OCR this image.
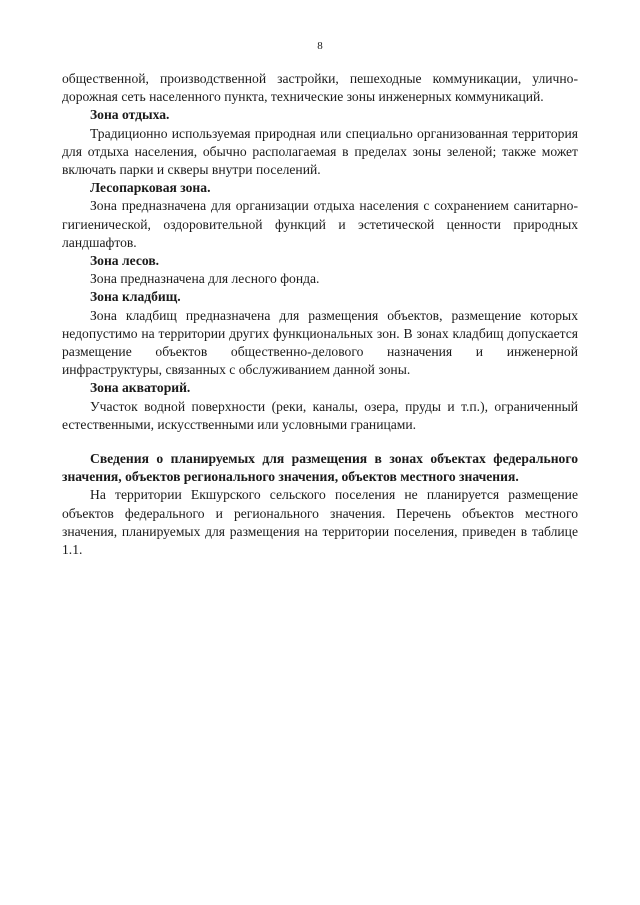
8

общественной, производственной застройки, пешеходные коммуникации, улично-дорожная сеть населенного пункта, технические зоны инженерных коммуникаций.

Зона отдыха.

Традиционно используемая природная или специально организованная территория для отдыха населения, обычно располагаемая в пределах зоны зеленой; также может включать парки и скверы внутри поселений.

Лесопарковая зона.

Зона предназначена для организации отдыха населения с сохранением санитарно-гигиенической, оздоровительной функций и эстетической ценности природных ландшафтов.

Зона лесов.

Зона предназначена для лесного фонда.

Зона кладбищ.

Зона кладбищ предназначена для размещения объектов, размещение которых недопустимо на территории других функциональных зон. В зонах кладбищ допускается размещение объектов общественно-делового назначения и инженерной инфраструктуры, связанных с обслуживанием данной зоны.

Зона акваторий.

Участок водной поверхности (реки, каналы, озера, пруды и т.п.), ограниченный естественными, искусственными или условными границами.

Сведения о планируемых для размещения в зонах объектах федерального значения, объектов регионального значения, объектов местного значения.

На территории Екшурского сельского поселения не планируется размещение объектов федерального и регионального значения. Перечень объектов местного значения, планируемых для размещения на территории поселения, приведен в таблице 1.1.
